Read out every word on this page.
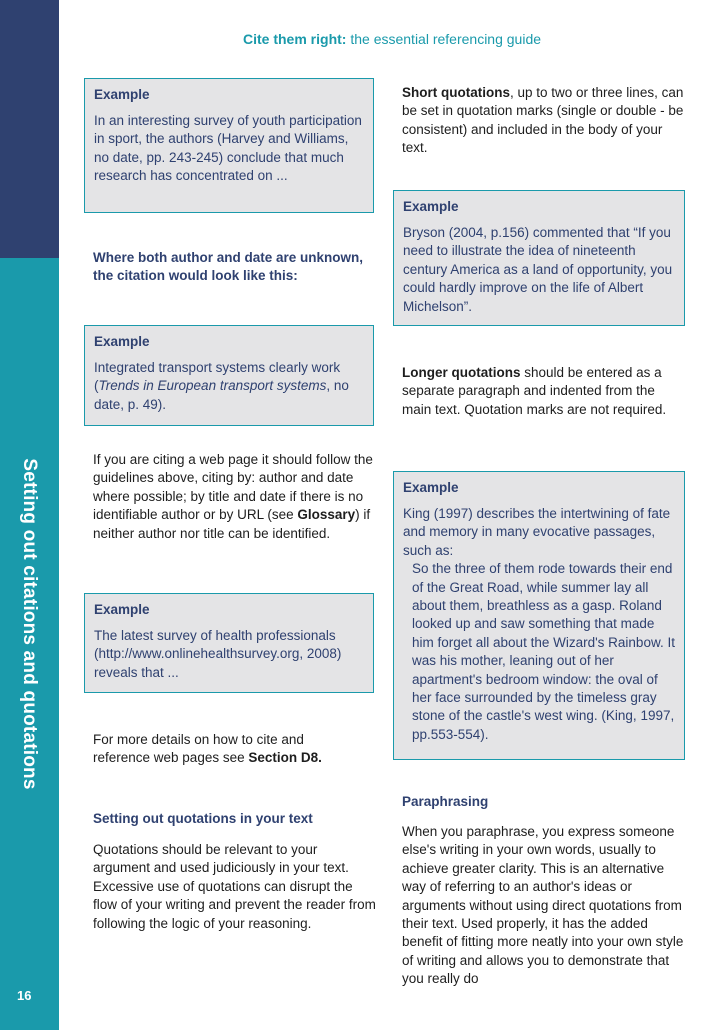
Setting out citations and quotations
16
Cite them right: the essential referencing guide
Example
In an interesting survey of youth participation in sport, the authors (Harvey and Williams, no date, pp. 243-245) conclude that much research has concentrated on ...
Where both author and date are unknown, the citation would look like this:
Example
Integrated transport systems clearly work (Trends in European transport systems, no date, p. 49).
If you are citing a web page it should follow the guidelines above, citing by: author and date where possible; by title and date if there is no identifiable author or by URL (see Glossary) if neither author nor title can be identified.
Example
The latest survey of health professionals (http://www.onlinehealthsurvey.org, 2008) reveals that ...
For more details on how to cite and reference web pages see Section D8.
Setting out quotations in your text
Quotations should be relevant to your argument and used judiciously in your text. Excessive use of quotations can disrupt the flow of your writing and prevent the reader from following the logic of your reasoning.
Short quotations, up to two or three lines, can be set in quotation marks (single or double - be consistent) and included in the body of your text.
Example
Bryson (2004, p.156) commented that “If you need to illustrate the idea of nineteenth century America as a land of opportunity, you could hardly improve on the life of Albert Michelson”.
Longer quotations should be entered as a separate paragraph and indented from the main text. Quotation marks are not required.
Example
King (1997) describes the intertwining of fate and memory in many evocative passages, such as:
So the three of them rode towards their end of the Great Road, while summer lay all about them, breathless as a gasp. Roland looked up and saw something that made him forget all about the Wizard's Rainbow. It was his mother, leaning out of her apartment's bedroom window: the oval of her face surrounded by the timeless gray stone of the castle's west wing. (King, 1997, pp.553-554).
Paraphrasing
When you paraphrase, you express someone else's writing in your own words, usually to achieve greater clarity. This is an alternative way of referring to an author's ideas or arguments without using direct quotations from their text. Used properly, it has the added benefit of fitting more neatly into your own style of writing and allows you to demonstrate that you really do
